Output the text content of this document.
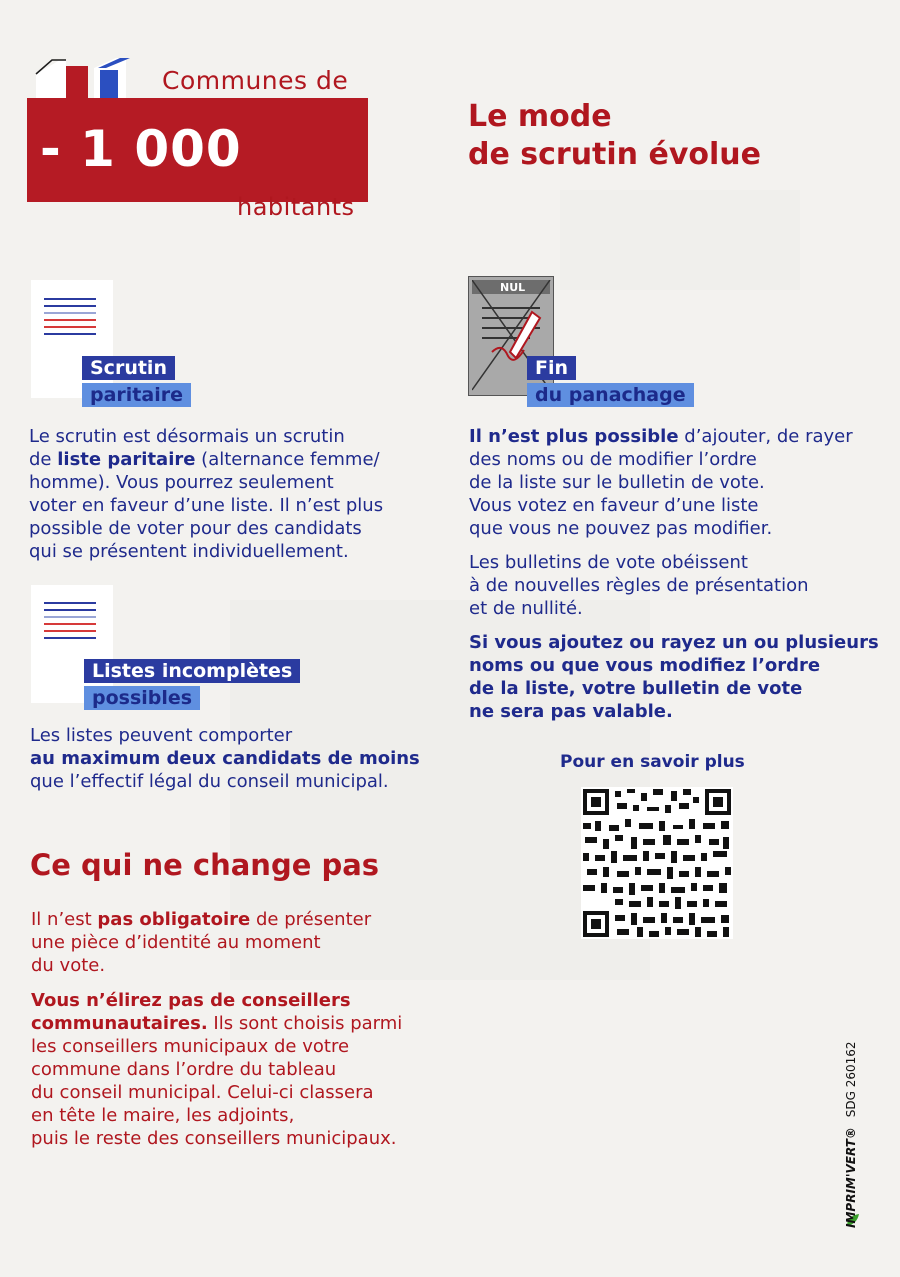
Communes de
- 1 000
habitants
Le mode
de scrutin évolue
Scrutin
paritaire
Le scrutin est désormais un scrutin
de liste paritaire (alternance femme/
homme). Vous pourrez seulement
voter en faveur d’une liste. Il n’est plus
possible de voter pour des candidats
qui se présentent individuellement.
Listes incomplètes
possibles
Les listes peuvent comporter
au maximum deux candidats de moins
que l’effectif légal du conseil municipal.
NUL
Fin
du panachage
Il n’est plus possible d’ajouter, de rayer
des noms ou de modifier l’ordre
de la liste sur le bulletin de vote.
Vous votez en faveur d’une liste
que vous ne pouvez pas modifier.
Les bulletins de vote obéissent
à de nouvelles règles de présentation
et de nullité.
Si vous ajoutez ou rayez un ou plusieurs
noms ou que vous modifiez l’ordre
de la liste, votre bulletin de vote
ne sera pas valable.
Pour en savoir plus
Ce qui ne change pas
Il n’est pas obligatoire de présenter
une pièce d’identité au moment
du vote.
Vous n’élirez pas de conseillers
communautaires. Ils sont choisis parmi
les conseillers municipaux de votre
commune dans l’ordre du tableau
du conseil municipal. Celui-ci classera
en tête le maire, les adjoints,
puis le reste des conseillers municipaux.	IMPRIM'VERT® SDG 260162
